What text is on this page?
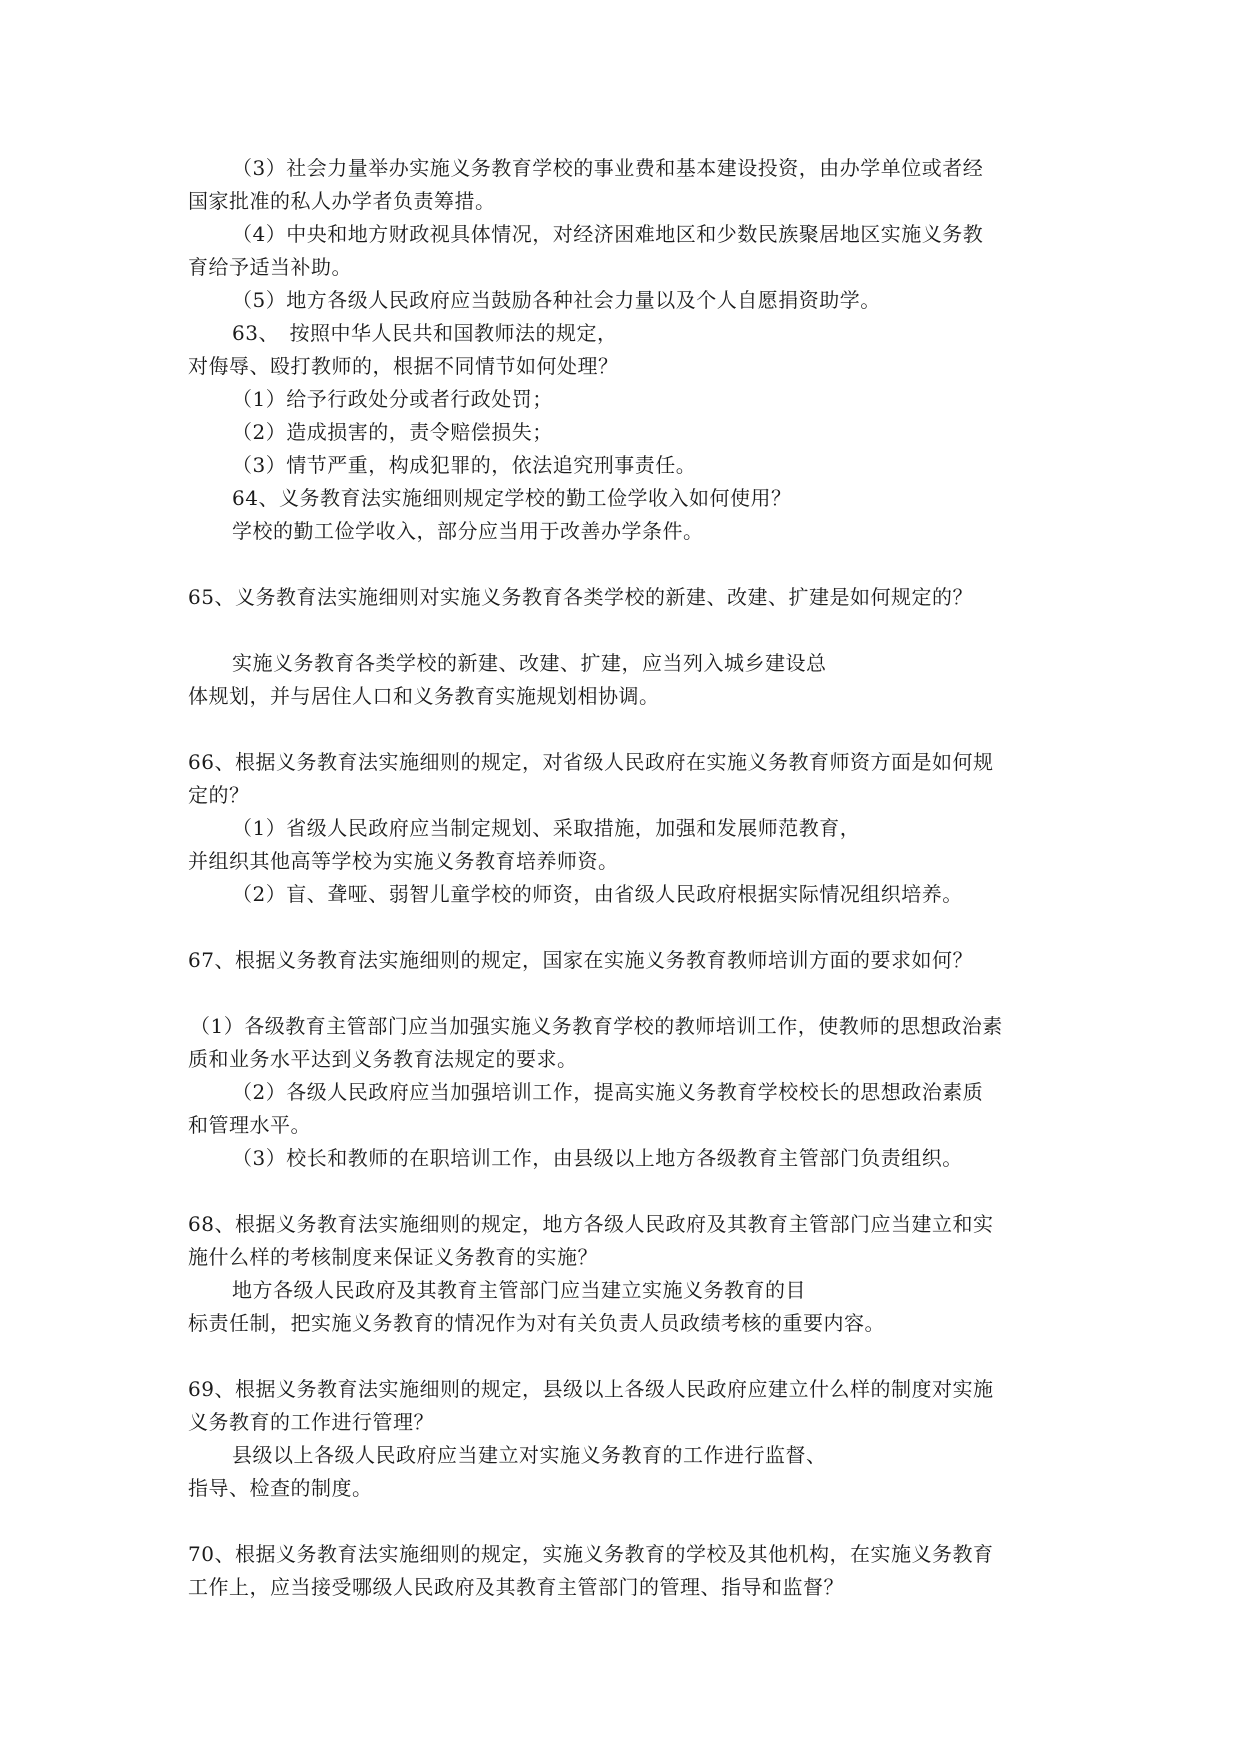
（3）社会力量举办实施义务教育学校的事业费和基本建设投资，由办学单位或者经
国家批准的私人办学者负责筹措。
（4）中央和地方财政视具体情况，对经济困难地区和少数民族聚居地区实施义务教
育给予适当补助。
（5）地方各级人民政府应当鼓励各种社会力量以及个人自愿捐资助学。
63、　按照中华人民共和国教师法的规定，
对侮辱、殴打教师的，根据不同情节如何处理？
（1）给予行政处分或者行政处罚；
（2）造成损害的，责令赔偿损失；
（3）情节严重，构成犯罪的，依法追究刑事责任。
64、义务教育法实施细则规定学校的勤工俭学收入如何使用？
学校的勤工俭学收入，部分应当用于改善办学条件。
65、义务教育法实施细则对实施义务教育各类学校的新建、改建、扩建是如何规定的？
实施义务教育各类学校的新建、改建、扩建，应当列入城乡建设总
体规划，并与居住人口和义务教育实施规划相协调。
66、根据义务教育法实施细则的规定，对省级人民政府在实施义务教育师资方面是如何规
定的？
（1）省级人民政府应当制定规划、采取措施，加强和发展师范教育，
并组织其他高等学校为实施义务教育培养师资。
（2）盲、聋哑、弱智儿童学校的师资，由省级人民政府根据实际情况组织培养。
67、根据义务教育法实施细则的规定，国家在实施义务教育教师培训方面的要求如何？
（1）各级教育主管部门应当加强实施义务教育学校的教师培训工作，使教师的思想政治素
质和业务水平达到义务教育法规定的要求。
（2）各级人民政府应当加强培训工作，提高实施义务教育学校校长的思想政治素质
和管理水平。
（3）校长和教师的在职培训工作，由县级以上地方各级教育主管部门负责组织。
68、根据义务教育法实施细则的规定，地方各级人民政府及其教育主管部门应当建立和实
施什么样的考核制度来保证义务教育的实施？
地方各级人民政府及其教育主管部门应当建立实施义务教育的目
标责任制，把实施义务教育的情况作为对有关负责人员政绩考核的重要内容。
69、根据义务教育法实施细则的规定，县级以上各级人民政府应建立什么样的制度对实施
义务教育的工作进行管理？
县级以上各级人民政府应当建立对实施义务教育的工作进行监督、
指导、检查的制度。
70、根据义务教育法实施细则的规定，实施义务教育的学校及其他机构，在实施义务教育
工作上，应当接受哪级人民政府及其教育主管部门的管理、指导和监督？
